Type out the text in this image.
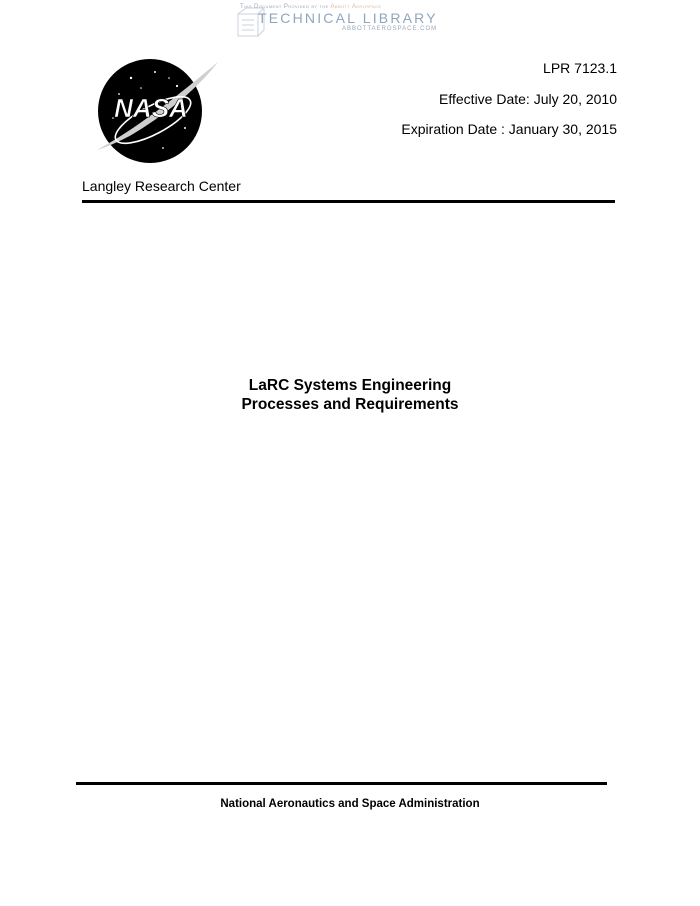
This Document Provided by the Abbott Aerospace
TECHNICAL LIBRARY
ABBOTTAEROSPACE.COM
NASA
LPR 7123.1
Effective Date: July 20, 2010
Expiration Date : January 30, 2015
Langley Research Center
LaRC Systems Engineering
Processes and Requirements
National Aeronautics and Space Administration
